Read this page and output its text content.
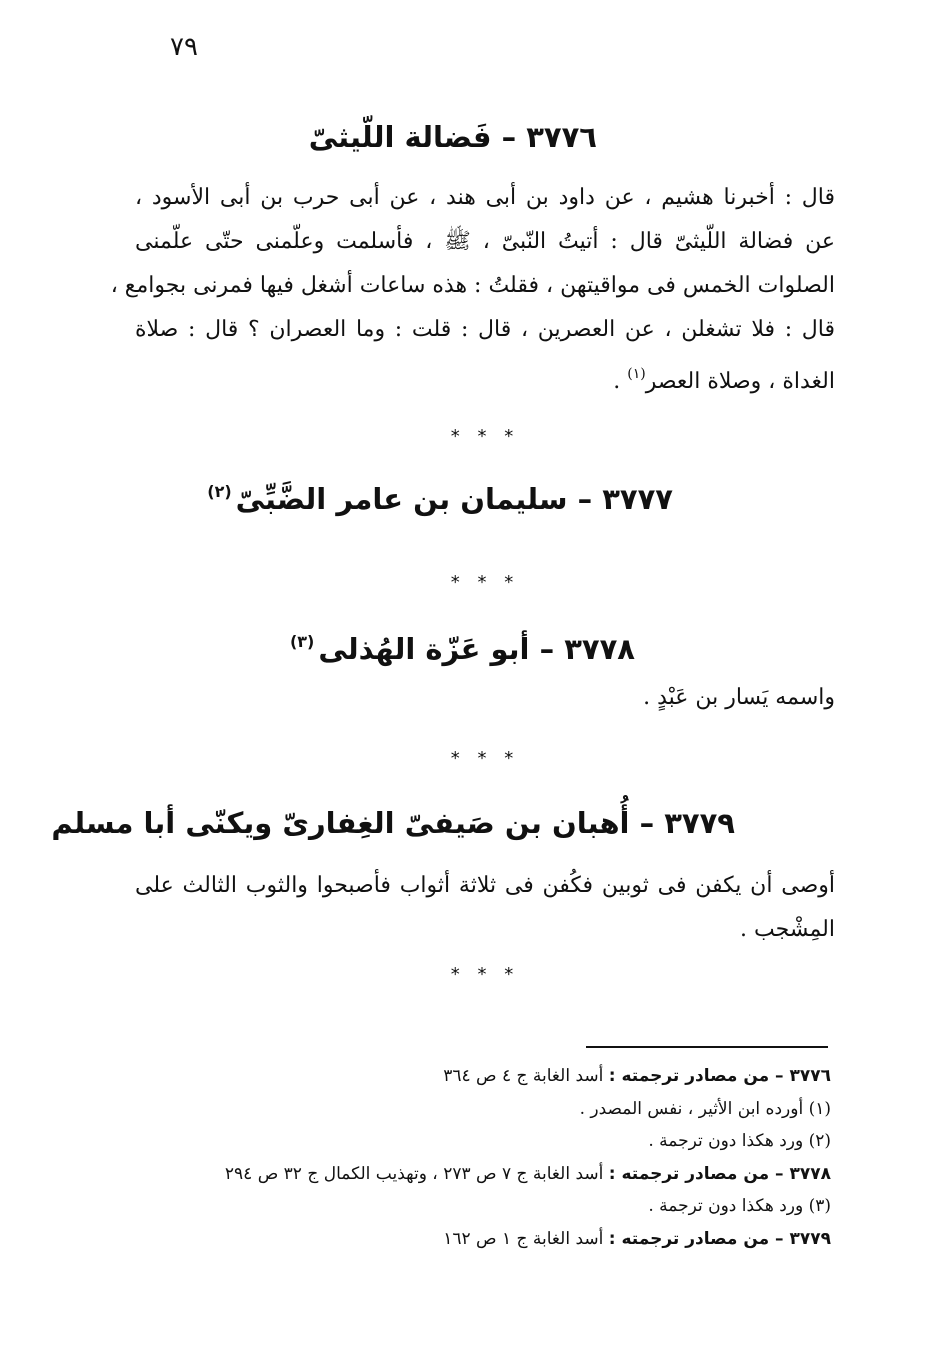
٧٩
٣٧٧٦ – فَضالة اللّيثىّ
قال : أخبرنا هشيم ، عن داود بن أبى هند ، عن أبى حرب بن أبى الأسود ،
عن فضالة اللّيثىّ قال : أتيتُ النّبىّ ، ﷺ ، فأسلمت وعلّمنى حتّى علّمنى
الصلوات الخمس فى مواقيتهن ، فقلتُ : هذه ساعات أشغل فيها فمرنى بجوامع ،
قال : فلا تشغلن ، عن العصرين ، قال : قلت : وما العصران ؟ قال : صلاة
الغداة ، وصلاة العصر$^{(١)}$ .
* * *
٣٧٧٧ – سليمان بن عامر الضَّبِّىّ$^{(٢)}$
* * *
٣٧٧٨ – أبو عَزّة الهُذلى$^{(٣)}$
واسمه يَسار بن عَبْدٍ .
* * *
٣٧٧٩ – أُهبان بن صَيفىّ الغِفارىّ ويكنّى أبا مسلم
أوصى أن يكفن فى ثوبين فكُفن فى ثلاثة أثواب فأصبحوا والثوب الثالث على
المِشْجب .
* * *
٣٧٧٦ – من مصادر ترجمته : أسد الغابة ج ٤ ص ٣٦٤
(١) أورده ابن الأثير ، نفس المصدر .
(٢) ورد هكذا دون ترجمة .
٣٧٧٨ – من مصادر ترجمته : أسد الغابة ج ٧ ص ٢٧٣ ، وتهذيب الكمال ج ٣٢ ص ٢٩٤
(٣) ورد هكذا دون ترجمة .
٣٧٧٩ – من مصادر ترجمته : أسد الغابة ج ١ ص ١٦٢
